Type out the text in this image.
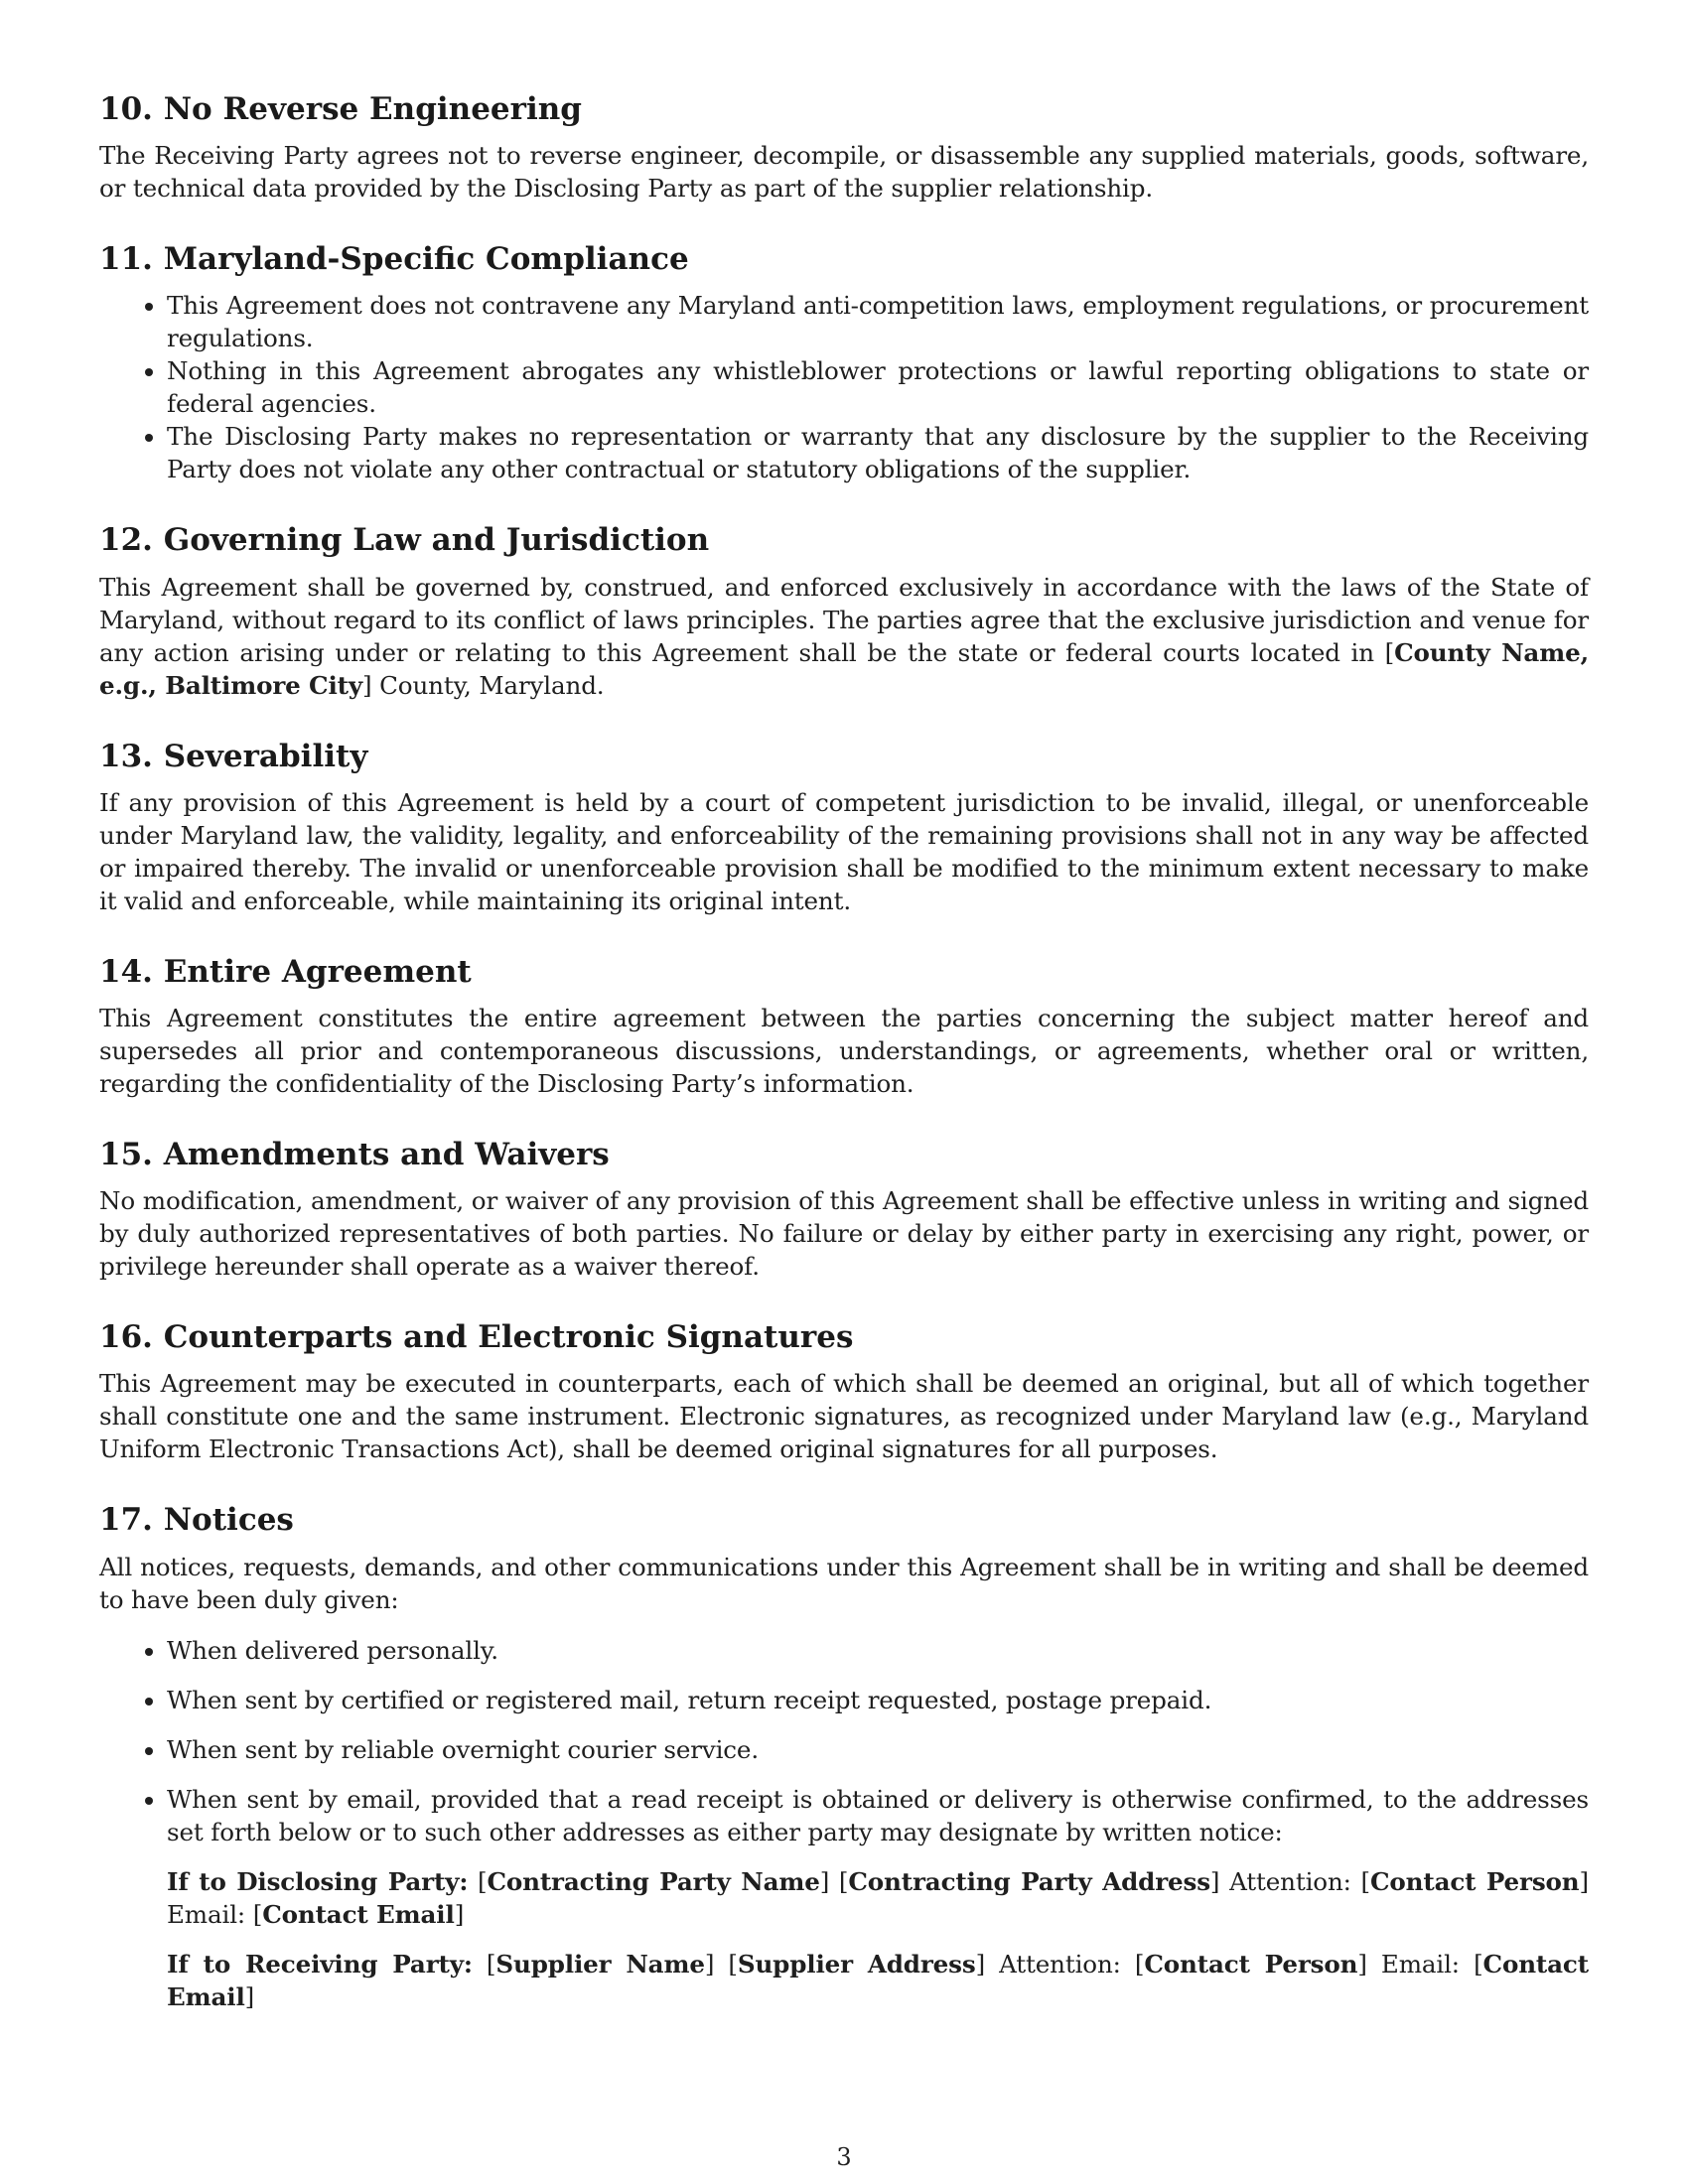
10. No Reverse Engineering

The Receiving Party agrees not to reverse engineer, decompile, or disassemble any supplied materials, goods, software, or technical data provided by the Disclosing Party as part of the supplier relationship.

11. Maryland-Specific Compliance
• This Agreement does not contravene any Maryland anti-competition laws, employment regulations, or procurement regulations.
• Nothing in this Agreement abrogates any whistleblower protections or lawful reporting obligations to state or federal agencies.
• The Disclosing Party makes no representation or warranty that any disclosure by the supplier to the Receiving Party does not violate any other contractual or statutory obligations of the supplier.
12. Governing Law and Jurisdiction

This Agreement shall be governed by, construed, and enforced exclusively in accordance with the laws of the State of Maryland, without regard to its conflict of laws principles. The parties agree that the exclusive jurisdiction and venue for any action arising under or relating to this Agreement shall be the state or federal courts located in [County Name, e.g., Baltimore City] County, Maryland.

13. Severability

If any provision of this Agreement is held by a court of competent jurisdiction to be invalid, illegal, or unenforceable under Maryland law, the validity, legality, and enforceability of the remaining provisions shall not in any way be affected or impaired thereby. The invalid or unenforceable provision shall be modified to the minimum extent necessary to make it valid and enforceable, while maintaining its original intent.

14. Entire Agreement

This Agreement constitutes the entire agreement between the parties concerning the subject matter hereof and supersedes all prior and contemporaneous discussions, understandings, or agreements, whether oral or written, regarding the confidentiality of the Disclosing Party’s information.

15. Amendments and Waivers

No modification, amendment, or waiver of any provision of this Agreement shall be effective unless in writing and signed by duly authorized representatives of both parties. No failure or delay by either party in exercising any right, power, or privilege hereunder shall operate as a waiver thereof.

16. Counterparts and Electronic Signatures

This Agreement may be executed in counterparts, each of which shall be deemed an original, but all of which together shall constitute one and the same instrument. Electronic signatures, as recognized under Maryland law (e.g., Maryland Uniform Electronic Transactions Act), shall be deemed original signatures for all purposes.

17. Notices

All notices, requests, demands, and other communications under this Agreement shall be in writing and shall be deemed to have been duly given:

• When delivered personally.
• When sent by certified or registered mail, return receipt requested, postage prepaid.
• When sent by reliable overnight courier service.
• When sent by email, provided that a read receipt is obtained or delivery is otherwise confirmed, to the addresses set forth below or to such other addresses as either party may designate by written notice:
If to Disclosing Party: [Contracting Party Name] [Contracting Party Address] Attention: [Contact Person] Email: [Contact Email]
If to Receiving Party: [Supplier Name] [Supplier Address] Attention: [Contact Person] Email: [Contact Email]
3
